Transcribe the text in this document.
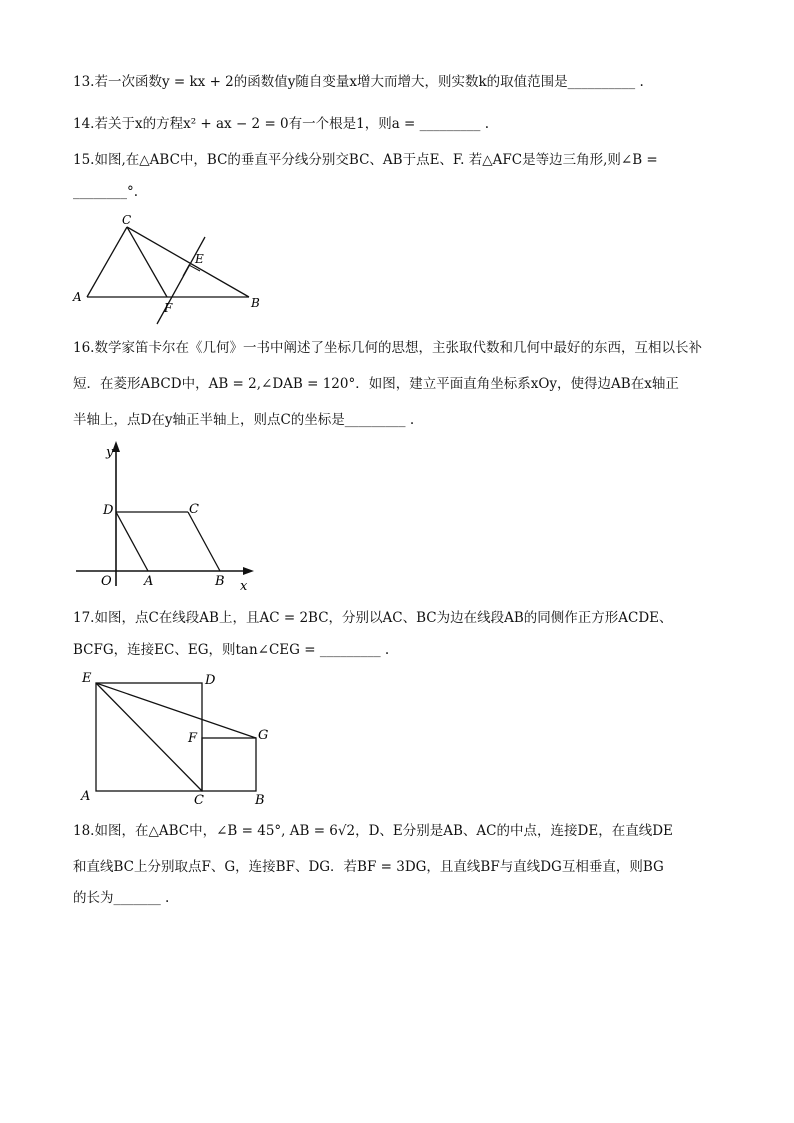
13.若一次函数y = kx + 2的函数值y随自变量x增大而增大，则实数k的取值范围是__________ .
14.若关于x的方程x² + ax − 2 = 0有一个根是1，则a = _________ .
15.如图,在△ABC中，BC的垂直平分线分别交BC、AB于点E、F. 若△AFC是等边三角形,则∠B =
________°.
C
E
A
F	B
16.数学家笛卡尔在《几何》一书中阐述了坐标几何的思想，主张取代数和几何中最好的东西，互相以长补
短．在菱形ABCD中，AB = 2,∠DAB = 120°．如图，建立平面直角坐标系xOy，使得边AB在x轴正
半轴上，点D在y轴正半轴上，则点C的坐标是_________ .
y
D	C
O A	B x
17.如图，点C在线段AB上，且AC = 2BC，分别以AC、BC为边在线段AB的同侧作正方形ACDE、
BCFG，连接EC、EG，则tan∠CEG = _________ .
E	D
F	G
A	C	B
18.如图，在△ABC中，∠B = 45°, AB = 6√2，D、E分别是AB、AC的中点，连接DE，在直线DE
和直线BC上分别取点F、G，连接BF、DG．若BF = 3DG，且直线BF与直线DG互相垂直，则BG
的长为_______ .
